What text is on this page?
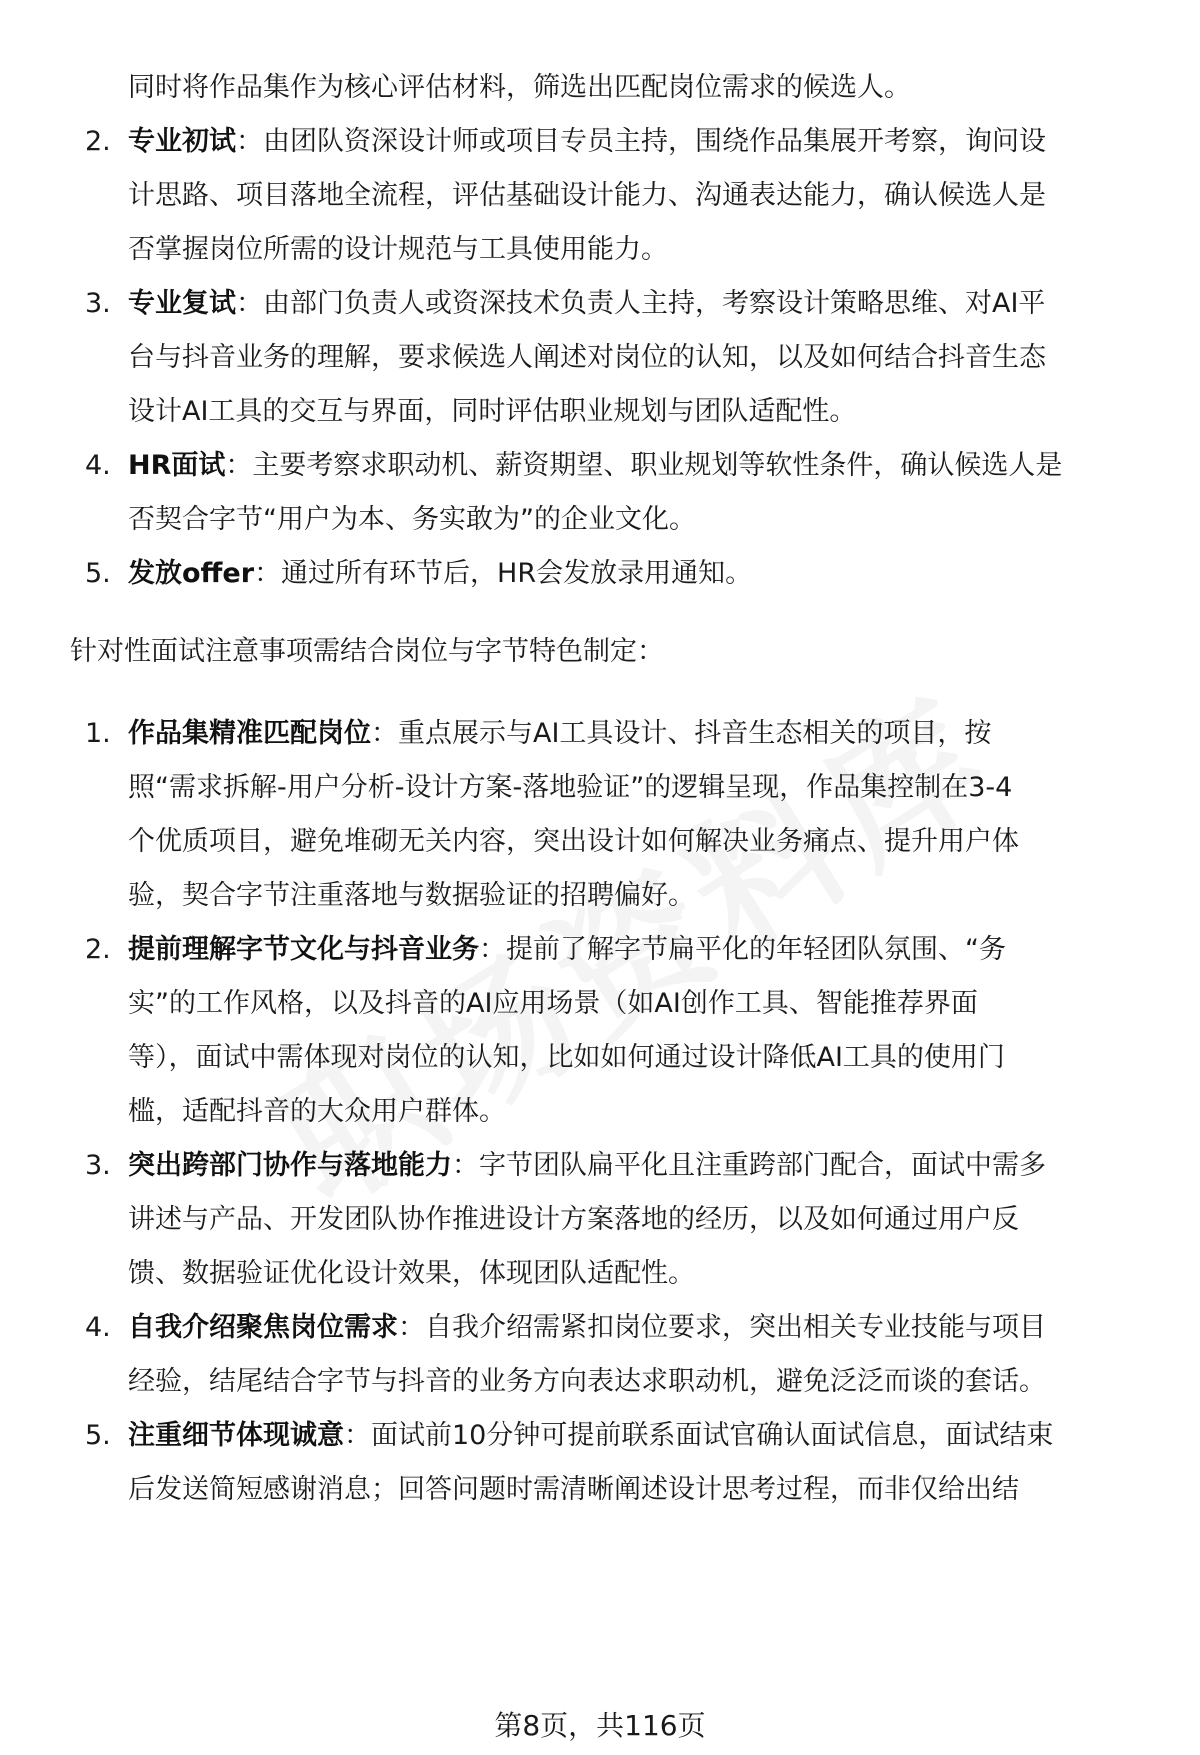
同时将作品集作为核心评估材料，筛选出匹配岗位需求的候选人。
2. 专业初试：由团队资深设计师或项目专员主持，围绕作品集展开考察，询问设
计思路、项目落地全流程，评估基础设计能力、沟通表达能力，确认候选人是
否掌握岗位所需的设计规范与工具使用能力。
3. 专业复试：由部门负责人或资深技术负责人主持，考察设计策略思维、对AI平
台与抖音业务的理解，要求候选人阐述对岗位的认知，以及如何结合抖音生态
设计AI工具的交互与界面，同时评估职业规划与团队适配性。
4. HR面试：主要考察求职动机、薪资期望、职业规划等软性条件，确认候选人是
否契合字节“用户为本、务实敢为”的企业文化。
5. 发放offer：通过所有环节后，HR会发放录用通知。
针对性面试注意事项需结合岗位与字节特色制定：
1. 作品集精准匹配岗位：重点展示与AI工具设计、抖音生态相关的项目，按
照“需求拆解-用户分析-设计方案-落地验证”的逻辑呈现，作品集控制在3-4
个优质项目，避免堆砌无关内容，突出设计如何解决业务痛点、提升用户体
验，契合字节注重落地与数据验证的招聘偏好。
2. 提前理解字节文化与抖音业务：提前了解字节扁平化的年轻团队氛围、“务
实”的工作风格，以及抖音的AI应用场景（如AI创作工具、智能推荐界面
等），面试中需体现对岗位的认知，比如如何通过设计降低AI工具的使用门
槛，适配抖音的大众用户群体。
3. 突出跨部门协作与落地能力：字节团队扁平化且注重跨部门配合，面试中需多
讲述与产品、开发团队协作推进设计方案落地的经历，以及如何通过用户反
馈、数据验证优化设计效果，体现团队适配性。
4. 自我介绍聚焦岗位需求：自我介绍需紧扣岗位要求，突出相关专业技能与项目
经验，结尾结合字节与抖音的业务方向表达求职动机，避免泛泛而谈的套话。
5. 注重细节体现诚意：面试前10分钟可提前联系面试官确认面试信息，面试结束
后发送简短感谢消息；回答问题时需清晰阐述设计思考过程，而非仅给出结
第8页，共116页
